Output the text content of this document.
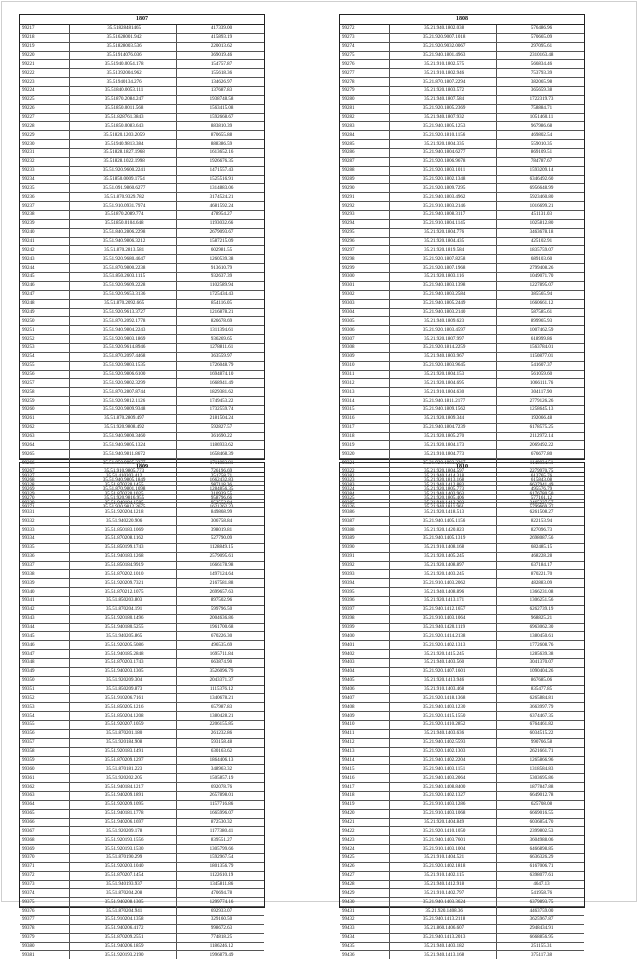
1807
99217	35.51828481465	417339.00
99218	35.51628001.942	415893.19
99219	35.51828003.536	220013.62
99220	35.51914076.036	369019.46
99221	35.51940.0054.178	154757.87
99222	35.51392004.962	155618.36
99223	35.51940134.276	134626.97
99224	35.51840.0053.111	137687.83
99225	35.51870.2084.247	1938748.58
99226	35.51850.0011.568	1563415.08
99227	35.51.828761.3843	1592668.67
99228	35.51850.0083.643	883810.39
99229	35.51820.1203.2059	870655.88
99230	35.51940.9813.384	888386.59
99231	35.51828.1827.1968	1613652.16
99232	35.51828.1022.1998	1926676.35
99233	35.51.920.9600.2241	1471557.43
99234	35.51850.0009.1754	1525516.91
99235	35.51.091.9860.6277	1314883.06
99236	35.51.870.9329.782	3174524.21
99237	35.51.910.0931.7974	4681592.24
99238	35.51870.2089.774	478954.27
99239	35.51850.0104.648	1193032.66
99240	35.51.840.2806.2298	2679093.67
99241	35.51.940.9806.3212	1587215.09
99242	35.51.870.2813.581	602981.55
99243	35.51.920.9680.4647	1260539.38
99244	35.51.870.9800.2238	913610.79
99245	35.51.850.2603.1115	932637.39
99246	35.51.920.9609.2228	1102589.94
99247	35.51.920.9653.3136	1725434.43
99248	35.51.870.2092.665	854116.05
99249	35.51.920.9613.3727	1216878.21
99250	35.51.870.2092.1778	826678.69
99251	35.51.940.9804.2243	1311394.61
99252	35.51.920.9803.1869	936269.65
99253	35.51.920.9614.8946	1278811.61
99254	35.51.870.2097.4468	363559.97
99255	35.51.920.9803.1535	1726048.79
99256	35.51.920.9806.6100	1694874.10
99257	35.51.920.9802.3299	1668941.49
99258	35.51.870.2807.8744	1829381.62
99259	35.51.920.9812.1126	1749453.22
99260	35.51.920.9809.9348	1732559.74
99261	35.51.870.2809.497	2181504.24
99262	35.51.920.9808.492	592827.57
99263	35.51.940.9800.3460	361690.22
99264	35.51.940.9805.1324	1186933.62
99265	35.51.940.9811.8672	1658468.39
99266	35.51.850.9805.3377	1711803.81
99267	35.51.910.9805.773	726196.69
99268	35.51.940.9805.1849	1662432.83
99269	35.51.870.9801.1698	1284856.35
99270	35.51.920.9816.955	958796.66
99271	35.51.920.9812.2675	1621262.23
1808
99272	35.21.940.1802.038	576486.96
99273	35.21.920.9007.1018	570665.09
99274	35.21.920.9032.0067	297095.61
99275	35.21.940.1801.4963	2310163.48
99276	35.21.910.1802.575	566834.46
99277	35.21.910.1802.946	753793.39
99278	35.21.870.1807.2294	382065.98
99279	35.21.920.1803.572	365659.38
99280	35.21.940.1807.584	1722319.73
99281	35.21.920.1805.2369	758884.71
99282	35.21.940.1807.932	1051460.11
99283	35.21.940.1805.1253	967986.68
99284	35.21.920.1810.1156	469802.54
99285	35.21.920.1804.335	559010.35
99286	35.21.940.1804.6277	869109.51
99287	35.21.920.1806.9678	784787.67
99288	35.21.920.1803.1011	1593209.14
99289	35.21.920.1802.1348	6346492.60
99290	35.21.920.1809.7295	6956648.99
99291	35.21.940.1803.4962	5923460.80
99292	35.21.910.1803.2146	1016699.21
99293	35.21.940.1808.3117	451131.03
99294	35.21.910.1804.1145	1025812.80
99295	35.21.920.1804.776	3463678.18
99296	35.21.920.1804.435	425102.91
99297	35.21.920.1819.584	1835759.07
99298	35.21.920.1807.8258	689103.60
99299	35.21.920.1807.1968	2799408.26
99300	35.21.920.1803.116	1049071.70
99301	35.21.940.1803.1398	1227895.07
99302	35.21.940.1803.2584	385565.94
99303	35.21.940.1805.2449	1660661.12
99304	35.21.940.1803.2140	587585.61
99305	35.21.940.1809.623	899965.93
99306	35.21.920.1803.4597	1007462.59
99307	35.21.920.1807.997	618999.86
99308	35.21.920.1814.2259	1563784.01
99309	35.21.940.1803.967	1150877.01
99310	35.21.920.1803.9645	541607.37
99311	35.21.920.1804.153	561059.60
99312	35.21.920.1804.695	1066111.76
99313	35.21.910.1804.630	304117.90
99314	35.21.940.1811.2177	2779126.26
99315	35.21.940.1809.1562	1258645.13
99316	35.21.920.1809.344	192066.48
99317	35.21.940.1804.7239	6178575.25
99318	35.21.920.1805.270	2112972.14
99319	35.21.920.1804.173	2069492.22
99320	35.21.910.1804.773	676677.80
99321	35.21.920.1803.2267	1140834.51
99322	35.21.920.1804.597	2279970.75
99323	35.21.920.1813.168	615843.08
99324	35.21.920.1805.773	495576.79
99325	35.21.920.1805.406	577161.12
99326	35.21.940.1811.961	5799669.37
1809
99327	35.51.410203.412	251758.71
99328	35.51.870220.1455	987118.36
99329	35.51.870220.1025	310939.55
99330	35.51.940184.1585	952552.84
99331	35.51.920204.1218	849868.99
99332	35.51.940220.906	306758.84
99333	35.51.850183.1069	398019.81
99334	35.51.870208.1162	527790.09
99335	35.51.850199.1743	1128849.15
99336	35.51.940183.1268	2579095.61
99337	35.51.850184.9919	1666178.98
99338	35.51.870202.1010	1497124.64
99339	35.51.920209.7321	2167581.88
99340	35.51.870212.1075	2699657.63
99341	35.51.850203.803	897502.96
99342	35.51.870204.191	599796.50
99343	35.51.920180.1496	2004636.86
99344	35.51.940180.5255	1961700.68
99345	35.51.940205.865	670226.30
99346	35.51.920205.5086	496535.69
99347	35.51.940185.2848	1695711.84
99348	35.51.870203.1743	663874.90
99349	35.51.940203.1305	3526096.79
99350	35.51.920209.304	2043371.37
99351	35.51.850209.873	1115376.12
99352	35.51.910206.7161	1340678.21
99353	35.51.850205.1216	657987.83
99354	35.51.850204.1208	1380428.21
99355	35.51.920207.1059	2206155.85
99356	35.51.870201.180	261232.86
99357	35.51.920184.908	593158.48
99358	35.51.920183.1491	630163.62
99359	35.51.870209.1297	1864406.13
99360	35.51.870181.223	348963.32
99361	35.51.920202.205	1505857.19
99362	35.51.940184.1217	692078.76
99363	35.51.940209.1891	2657898.01
99364	35.51.920209.1095	1157716.86
99365	35.51.940181.1778	1665996.07
99366	35.51.940206.1697	872530.32
99367	35.51.920209.178	1177380.41
99368	35.51.920193.1556	839551.27
99369	35.51.920193.1530	1305799.66
99370	35.51.870190.299	1592967.54
99371	35.51.920203.1040	1801356.79
99372	35.51.870207.1454	1122610.19
99373	35.51.940193.937	1345811.86
99374	35.51.870204.208	470694.78
99375	35.51.940208.1305	1299774.16
99376	35.51.870204.941	692933.07
99377	35.51.910204.1358	329160.50
99378	35.51.940206.4172	998672.63
99379	35.51.870209.2551	774818.25
99380	35.51.940206.1859	1186246.12
99381	35.51.920193.2190	1996879.49
1810
99382	35.21.940.1414.318	613765.76
99383	35.21.940.1412.883	6637941.49
99384	35.21.940.1403.963	6176780.50
99385	35.21.940.1412.203	3465227.57
99386	35.21.920.1418.513	6261508.27
99387	35.21.940.1405.1156	822153.94
99388	35.21.920.1420.823	827096.73
99389	35.21.940.1405.1319	2698087.56
99390	35.21.910.1408.168	682485.15
99391	35.21.920.1405.245	468228.28
99392	35.21.920.1408.897	637184.17
99393	35.21.920.1403.245	870221.70
99394	35.21.910.1403.2062	482883.09
99395	35.21.940.1408.896	1366231.08
99396	35.21.920.1413.171	1306251.56
99397	35.21.940.1412.1657	6262739.19
99398	35.21.910.1403.1064	968825.21
99399	35.21.940.1420.1119	6963062.30
99400	35.21.920.1414.2138	1380450.61
99401	35.21.920.1402.1313	1772608.76
99402	35.21.920.1415.245	1285639.38
99403	35.21.940.1403.560	3041370.07
99404	35.21.920.1407.1601	1090404.26
99405	35.21.920.1413.946	867685.06
99406	35.21.910.1403.468	835477.85
99407	35.21.920.1418.1368	6265884.81
99408	35.21.940.1403.1230	3663997.79
99409	35.21.920.1415.1550	6374467.35
99410	35.21.920.1410.2852	6764461.82
99411	35.21.940.1403.636	6034515.22
99412	35.21.940.1402.5593	990766.58
99413	35.21.920.1402.1303	2621661.71
99414	35.21.940.1402.2204	1265866.96
99415	35.21.940.1403.1151	1318584.83
99416	35.21.940.1403.2064	5303695.86
99417	35.21.940.1408.8400	1877847.88
99418	35.21.920.1402.1327	6649012.78
99419	35.21.910.1403.1286	625708.08
99420	35.21.910.1403.1068	6669016.55
99421	35.21.920.1404.849	6036854.70
99422	35.21.920.1410.1050	2399802.53
99423	35.21.940.1403.7601	3604988.06
99424	35.21.910.1403.1004	6466898.85
99425	35.21.910.1404.521	6636326.29
99426	35.21.920.1402.1818	6167006.71
99427	35.21.910.1402.115	6398077.61
99428	35.21.940.1412.918	4647.13
99429	35.21.910.1402.797	541958.76
99430	35.21.940.1403.3624	6379893.75
99431	35.21.920.1408.36	4463759.00
99432	35.21.940.1413.2118	3625967.87
99433	35.21.860.1406.607	2948434.91
99434	35.21.940.1413.2013	6668856.95
99435	35.21.940.1403.182	251155.31
99436	35.21.940.1413.168	375117.38
